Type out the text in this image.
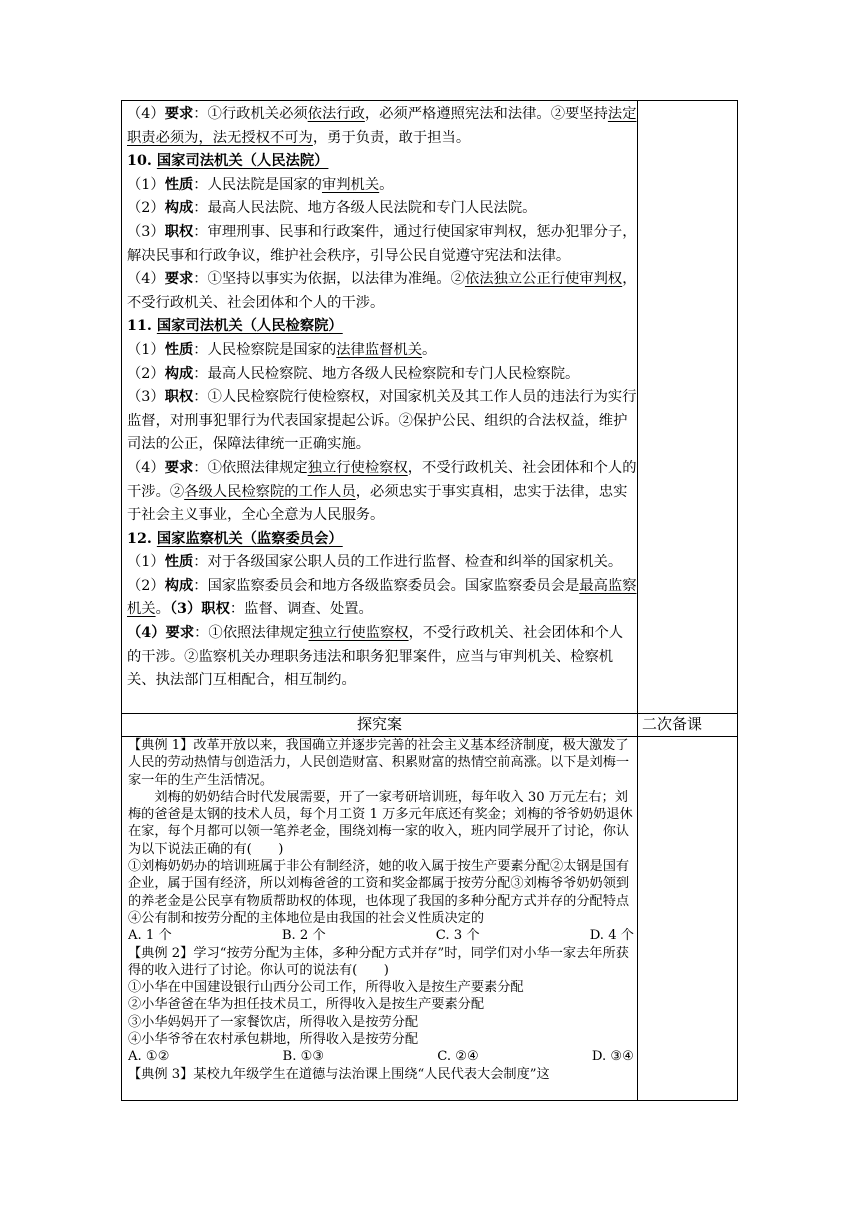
（4）要求：①行政机关必须依法行政，必须严格遵照宪法和法律。②要坚持法定职责必须为，法无授权不可为，勇于负责，敢于担当。

10. 国家司法机关（人民法院）

（1）性质：人民法院是国家的审判机关。

（2）构成：最高人民法院、地方各级人民法院和专门人民法院。

（3）职权：审理刑事、民事和行政案件，通过行使国家审判权，惩办犯罪分子，解决民事和行政争议，维护社会秩序，引导公民自觉遵守宪法和法律。

（4）要求：①坚持以事实为依据，以法律为准绳。②依法独立公正行使审判权，不受行政机关、社会团体和个人的干涉。

11. 国家司法机关（人民检察院）

（1）性质：人民检察院是国家的法律监督机关。

（2）构成：最高人民检察院、地方各级人民检察院和专门人民检察院。

（3）职权：①人民检察院行使检察权，对国家机关及其工作人员的违法行为实行监督，对刑事犯罪行为代表国家提起公诉。②保护公民、组织的合法权益，维护司法的公正，保障法律统一正确实施。

（4）要求：①依照法律规定独立行使检察权，不受行政机关、社会团体和个人的干涉。②各级人民检察院的工作人员，必须忠实于事实真相，忠实于法律，忠实于社会主义事业，全心全意为人民服务。

12. 国家监察机关（监察委员会）

（1）性质：对于各级国家公职人员的工作进行监督、检查和纠举的国家机关。

（2）构成：国家监察委员会和地方各级监察委员会。国家监察委员会是最高监察机关。（3）职权：监督、调查、处置。

（4）要求：①依照法律规定独立行使监察权，不受行政机关、社会团体和个人的干涉。②监察机关办理职务违法和职务犯罪案件，应当与审判机关、检察机关、执法部门互相配合，相互制约。

探究案	二次备课

【典例 1】改革开放以来，我国确立并逐步完善的社会主义基本经济制度，极大激发了人民的劳动热情与创造活力，人民创造财富、积累财富的热情空前高涨。以下是刘梅一家一年的生产生活情况。

刘梅的奶奶结合时代发展需要，开了一家考研培训班，每年收入 30 万元左右；刘梅的爸爸是太钢的技术人员，每个月工资 1 万多元年底还有奖金；刘梅的爷爷奶奶退休在家，每个月都可以领一笔养老金，围绕刘梅一家的收入，班内同学展开了讨论，你认为以下说法正确的有(　　)

①刘梅奶奶办的培训班属于非公有制经济，她的收入属于按生产要素分配②太钢是国有企业，属于国有经济，所以刘梅爸爸的工资和奖金都属于按劳分配③刘梅爷爷奶奶领到的养老金是公民享有物质帮助权的体现，也体现了我国的多种分配方式并存的分配特点④公有制和按劳分配的主体地位是由我国的社会义性质决定的

A. 1 个	B. 2 个	C. 3 个	D. 4 个

【典例 2】学习“按劳分配为主体，多种分配方式并存”时，同学们对小华一家去年所获得的收入进行了讨论。你认可的说法有(　　)

①小华在中国建设银行山西分公司工作，所得收入是按生产要素分配

②小华爸爸在华为担任技术员工，所得收入是按生产要素分配

③小华妈妈开了一家餐饮店，所得收入是按劳分配

④小华爷爷在农村承包耕地，所得收入是按劳分配

A. ①②	B. ①③	C. ②④	D. ③④

【典例 3】某校九年级学生在道德与法治课上围绕“人民代表大会制度”这
